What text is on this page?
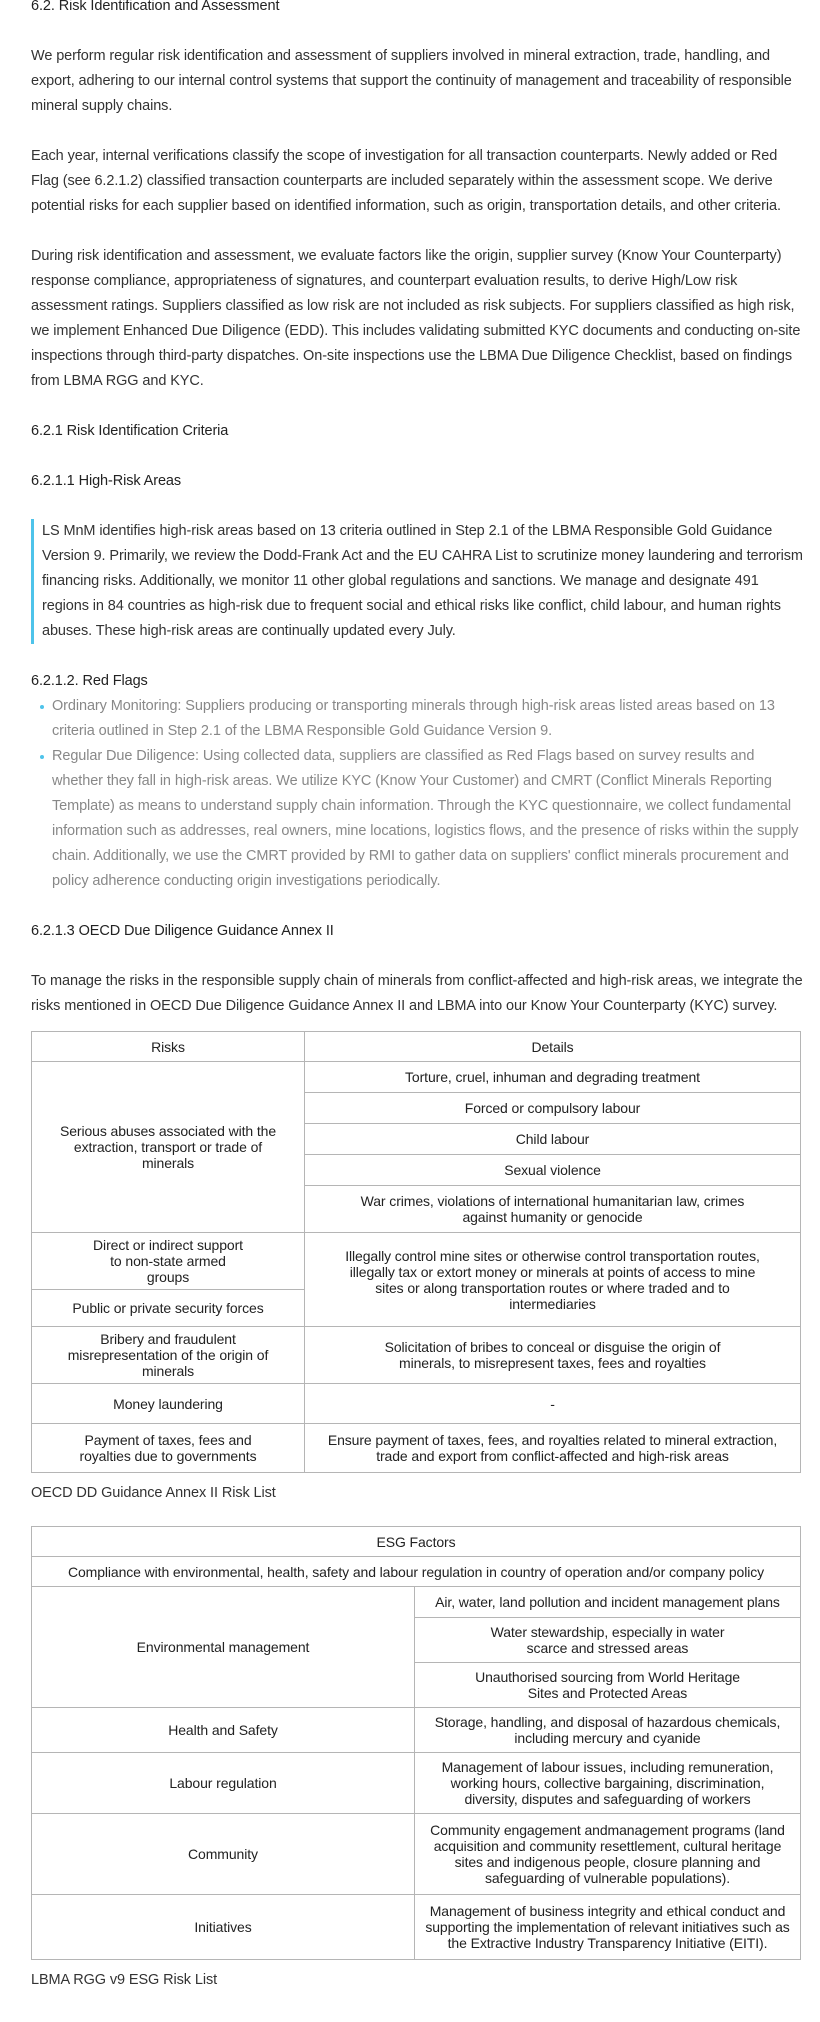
6.2. Risk Identification and Assessment

We perform regular risk identification and assessment of suppliers involved in mineral extraction, trade, handling, and export, adhering to our internal control systems that support the continuity of management and traceability of responsible mineral supply chains.

Each year, internal verifications classify the scope of investigation for all transaction counterparts. Newly added or Red Flag (see 6.2.1.2) classified transaction counterparts are included separately within the assessment scope. We derive potential risks for each supplier based on identified information, such as origin, transportation details, and other criteria.

During risk identification and assessment, we evaluate factors like the origin, supplier survey (Know Your Counterparty) response compliance, appropriateness of signatures, and counterpart evaluation results, to derive High/Low risk assessment ratings. Suppliers classified as low risk are not included as risk subjects. For suppliers classified as high risk, we implement Enhanced Due Diligence (EDD). This includes validating submitted KYC documents and conducting on-site inspections through third-party dispatches. On-site inspections use the LBMA Due Diligence Checklist, based on findings from LBMA RGG and KYC.

6.2.1 Risk Identification Criteria
6.2.1.1 High-Risk Areas

LS MnM identifies high-risk areas based on 13 criteria outlined in Step 2.1 of the LBMA Responsible Gold Guidance Version 9. Primarily, we review the Dodd-Frank Act and the EU CAHRA List to scrutinize money laundering and terrorism financing risks. Additionally, we monitor 11 other global regulations and sanctions. We manage and designate 491 regions in 84 countries as high-risk due to frequent social and ethical risks like conflict, child labour, and human rights abuses. These high-risk areas are continually updated every July.

6.2.1.2. Red Flags
Ordinary Monitoring: Suppliers producing or transporting minerals through high-risk areas listed areas based on 13 criteria outlined in Step 2.1 of the LBMA Responsible Gold Guidance Version 9.
Regular Due Diligence: Using collected data, suppliers are classified as Red Flags based on survey results and whether they fall in high-risk areas. We utilize KYC (Know Your Customer) and CMRT (Conflict Minerals Reporting Template) as means to understand supply chain information. Through the KYC questionnaire, we collect fundamental information such as addresses, real owners, mine locations, logistics flows, and the presence of risks within the supply chain. Additionally, we use the CMRT provided by RMI to gather data on suppliers' conflict minerals procurement and policy adherence conducting origin investigations periodically.
6.2.1.3 OECD Due Diligence Guidance Annex II

To manage the risks in the responsible supply chain of minerals from conflict-affected and high-risk areas, we integrate the risks mentioned in OECD Due Diligence Guidance Annex II and LBMA into our Know Your Counterparty (KYC) survey.

Risks	Details

Serious abuses associated with the extraction, transport or trade of minerals	Torture, cruel, inhuman and degrading treatment
	Forced or compulsory labour
	Child labour
	Sexual violence

	War crimes, violations of international humanitarian law, crimes against humanity or genocide

Direct or indirect support to non-state armed groups	Illegally control mine sites or otherwise control transportation routes, illegally tax or extort money or minerals at points of access to mine sites or along transportation routes or where traded and to intermediaries

Public or private security forces	

Bribery and fraudulent misrepresentation of the origin of minerals	Solicitation of bribes to conceal or disguise the origin of minerals, to misrepresent taxes, fees and royalties

Money laundering	-

Payment of taxes, fees and royalties due to governments	Ensure payment of taxes, fees, and royalties related to mineral extraction, trade and export from conflict-affected and high-risk areas

OECD DD Guidance Annex II Risk List

ESG Factors	
Compliance with environmental, health, safety and labour regulation in country of operation and/or company policy	
Environmental management	Air, water, land pollution and incident management plans

	Water stewardship, especially in water scarce and stressed areas

	Unauthorised sourcing from World Heritage Sites and Protected Areas

Health and Safety	Storage, handling, and disposal of hazardous chemicals, including mercury and cyanide

Labour regulation	Management of labour issues, including remuneration, working hours, collective bargaining, discrimination, diversity, disputes and safeguarding of workers

Community	Community engagement andmanagement programs (land acquisition and community resettlement, cultural heritage sites and indigenous people, closure planning and safeguarding of vulnerable populations).

Initiatives	Management of business integrity and ethical conduct and supporting the implementation of relevant initiatives such as the Extractive Industry Transparency Initiative (EITI).

LBMA RGG v9 ESG Risk List
